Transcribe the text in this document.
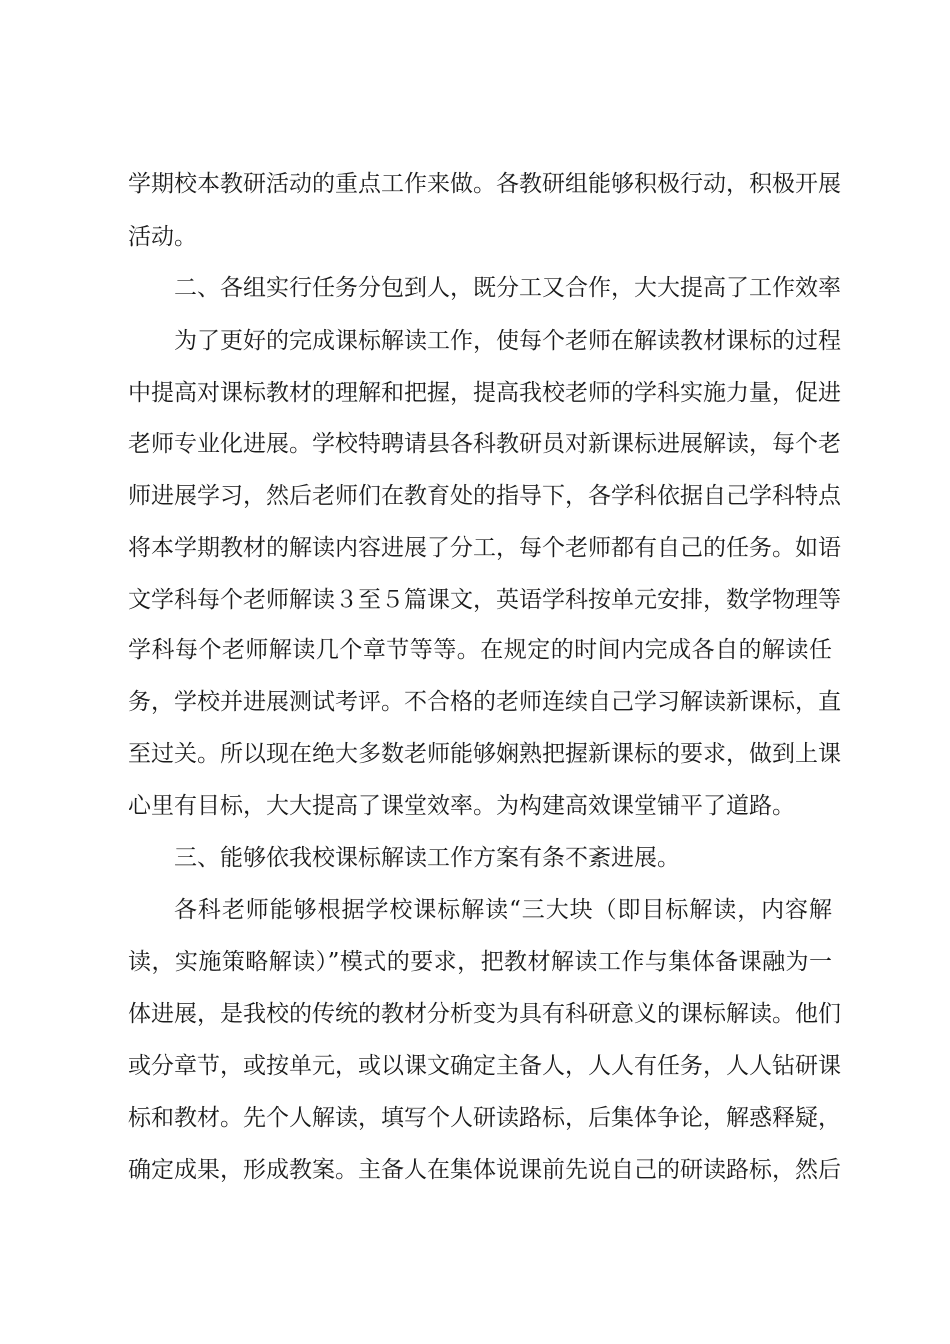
学期校本教研活动的重点工作来做。各教研组能够积极行动，积极开展
活动。
二、各组实行任务分包到人，既分工又合作，大大提高了工作效率
为了更好的完成课标解读工作，使每个老师在解读教材课标的过程
中提高对课标教材的理解和把握，提高我校老师的学科实施力量，促进
老师专业化进展。学校特聘请县各科教研员对新课标进展解读，每个老
师进展学习，然后老师们在教育处的指导下，各学科依据自己学科特点
将本学期教材的解读内容进展了分工，每个老师都有自己的任务。如语
文学科每个老师解读３至５篇课文，英语学科按单元安排，数学物理等
学科每个老师解读几个章节等等。在规定的时间内完成各自的解读任
务，学校并进展测试考评。不合格的老师连续自己学习解读新课标，直
至过关。所以现在绝大多数老师能够娴熟把握新课标的要求，做到上课
心里有目标，大大提高了课堂效率。为构建高效课堂铺平了道路。
三、能够依我校课标解读工作方案有条不紊进展。
各科老师能够根据学校课标解读“三大块（即目标解读，内容解
读，实施策略解读）”模式的要求，把教材解读工作与集体备课融为一
体进展，是我校的传统的教材分析变为具有科研意义的课标解读。他们
或分章节，或按单元，或以课文确定主备人，人人有任务，人人钻研课
标和教材。先个人解读，填写个人研读路标，后集体争论，解惑释疑，
确定成果，形成教案。主备人在集体说课前先说自己的研读路标，然后
